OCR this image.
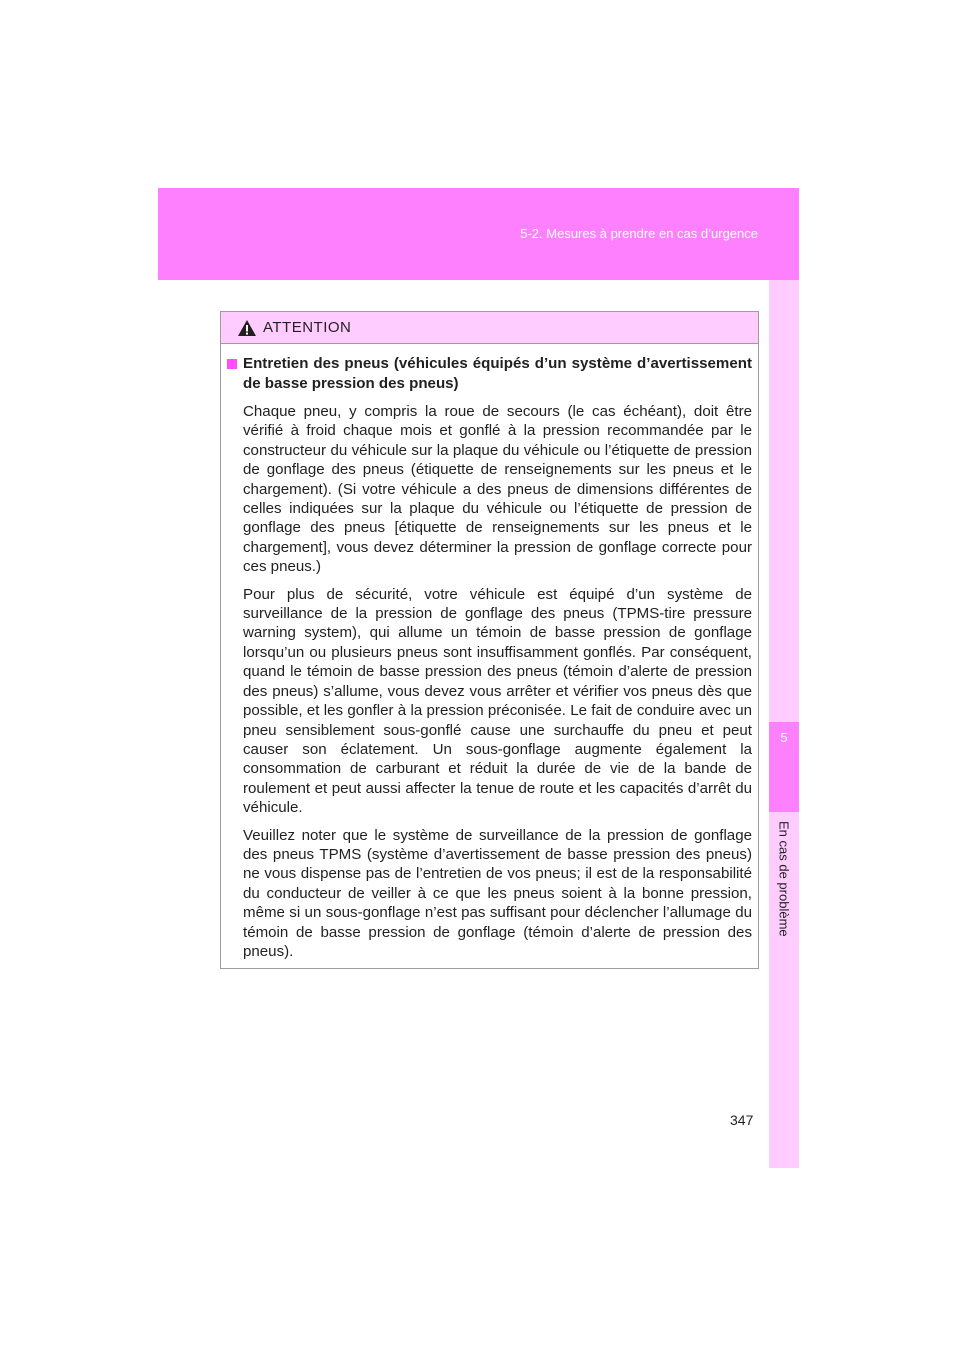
5-2. Mesures à prendre en cas d’urgence
5
En cas de problème
ATTENTION
Entretien des pneus (véhicules équipés d’un système d’avertissement de basse pression des pneus)

Chaque pneu, y compris la roue de secours (le cas échéant), doit être vérifié à froid chaque mois et gonflé à la pression recommandée par le constructeur du véhicule sur la plaque du véhicule ou l’étiquette de pression de gonflage des pneus (étiquette de renseignements sur les pneus et le chargement). (Si votre véhicule a des pneus de dimensions différentes de celles indiquées sur la plaque du véhicule ou l’étiquette de pression de gonflage des pneus [étiquette de renseignements sur les pneus et le chargement], vous devez déterminer la pression de gonflage correcte pour ces pneus.)

Pour plus de sécurité, votre véhicule est équipé d’un système de surveillance de la pression de gonflage des pneus (TPMS-tire pressure warning system), qui allume un témoin de basse pression de gonflage lorsqu’un ou plusieurs pneus sont insuffisamment gonflés. Par conséquent, quand le témoin de basse pression des pneus (témoin d’alerte de pression des pneus) s’allume, vous devez vous arrêter et vérifier vos pneus dès que possible, et les gonfler à la pression préconisée. Le fait de conduire avec un pneu sensiblement sous-gonflé cause une surchauffe du pneu et peut causer son éclatement. Un sous-gonflage augmente également la consommation de carburant et réduit la durée de vie de la bande de roulement et peut aussi affecter la tenue de route et les capacités d’arrêt du véhicule.

Veuillez noter que le système de surveillance de la pression de gonflage des pneus TPMS (système d’avertissement de basse pression des pneus) ne vous dispense pas de l’entretien de vos pneus; il est de la responsabilité du conducteur de veiller à ce que les pneus soient à la bonne pression, même si un sous-gonflage n’est pas suffisant pour déclencher l’allumage du témoin de basse pression de gonflage (témoin d’alerte de pression des pneus).

347
